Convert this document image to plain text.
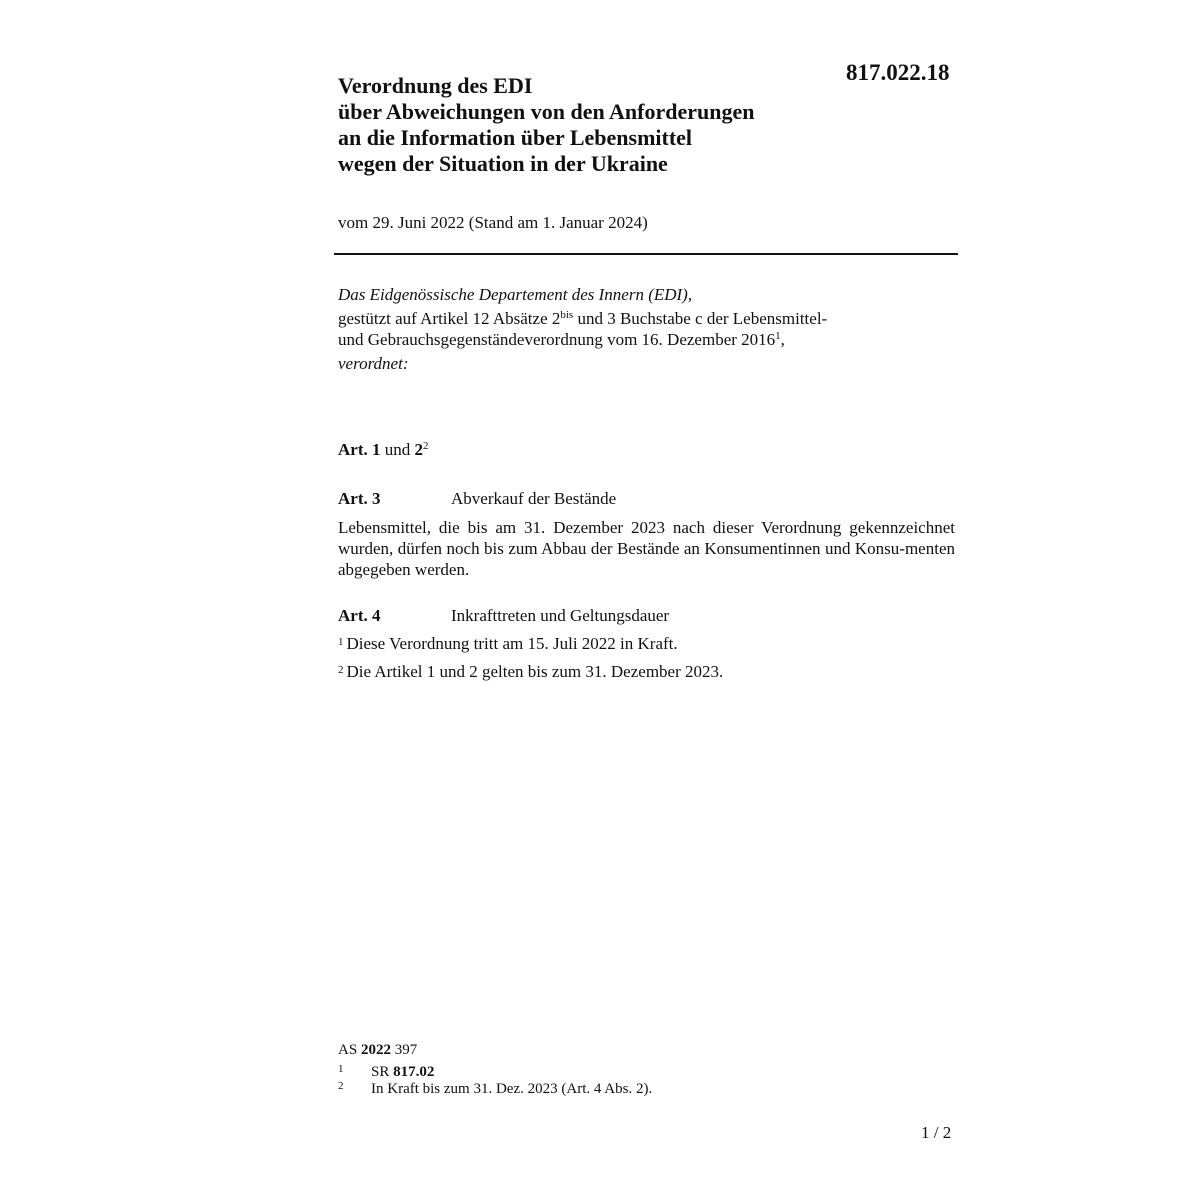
817.022.18
Verordnung des EDI
über Abweichungen von den Anforderungen
an die Information über Lebensmittel
wegen der Situation in der Ukraine
vom 29. Juni 2022 (Stand am 1. Januar 2024)
Das Eidgenössische Departement des Innern (EDI),
gestützt auf Artikel 12 Absätze $2^{bis}$ und 3 Buchstabe c der Lebensmittel-
und Gebrauchsgegenständeverordnung vom 16. Dezember 2016$^1$,
verordnet:
Art. 1 und $2^2$
Art. 3	Abverkauf der Bestände
Lebensmittel, die bis am 31. Dezember 2023 nach dieser Verordnung gekennzeichnet wurden, dürfen noch bis zum Abbau der Bestände an Konsumentinnen und Konsu-menten abgegeben werden.
Art. 4	Inkrafttreten und Geltungsdauer
$^1$ Diese Verordnung tritt am 15. Juli 2022 in Kraft.
$^2$ Die Artikel 1 und 2 gelten bis zum 31. Dezember 2023.
AS 2022 397
1 SR 817.02
2 In Kraft bis zum 31. Dez. 2023 (Art. 4 Abs. 2).
1 / 2
